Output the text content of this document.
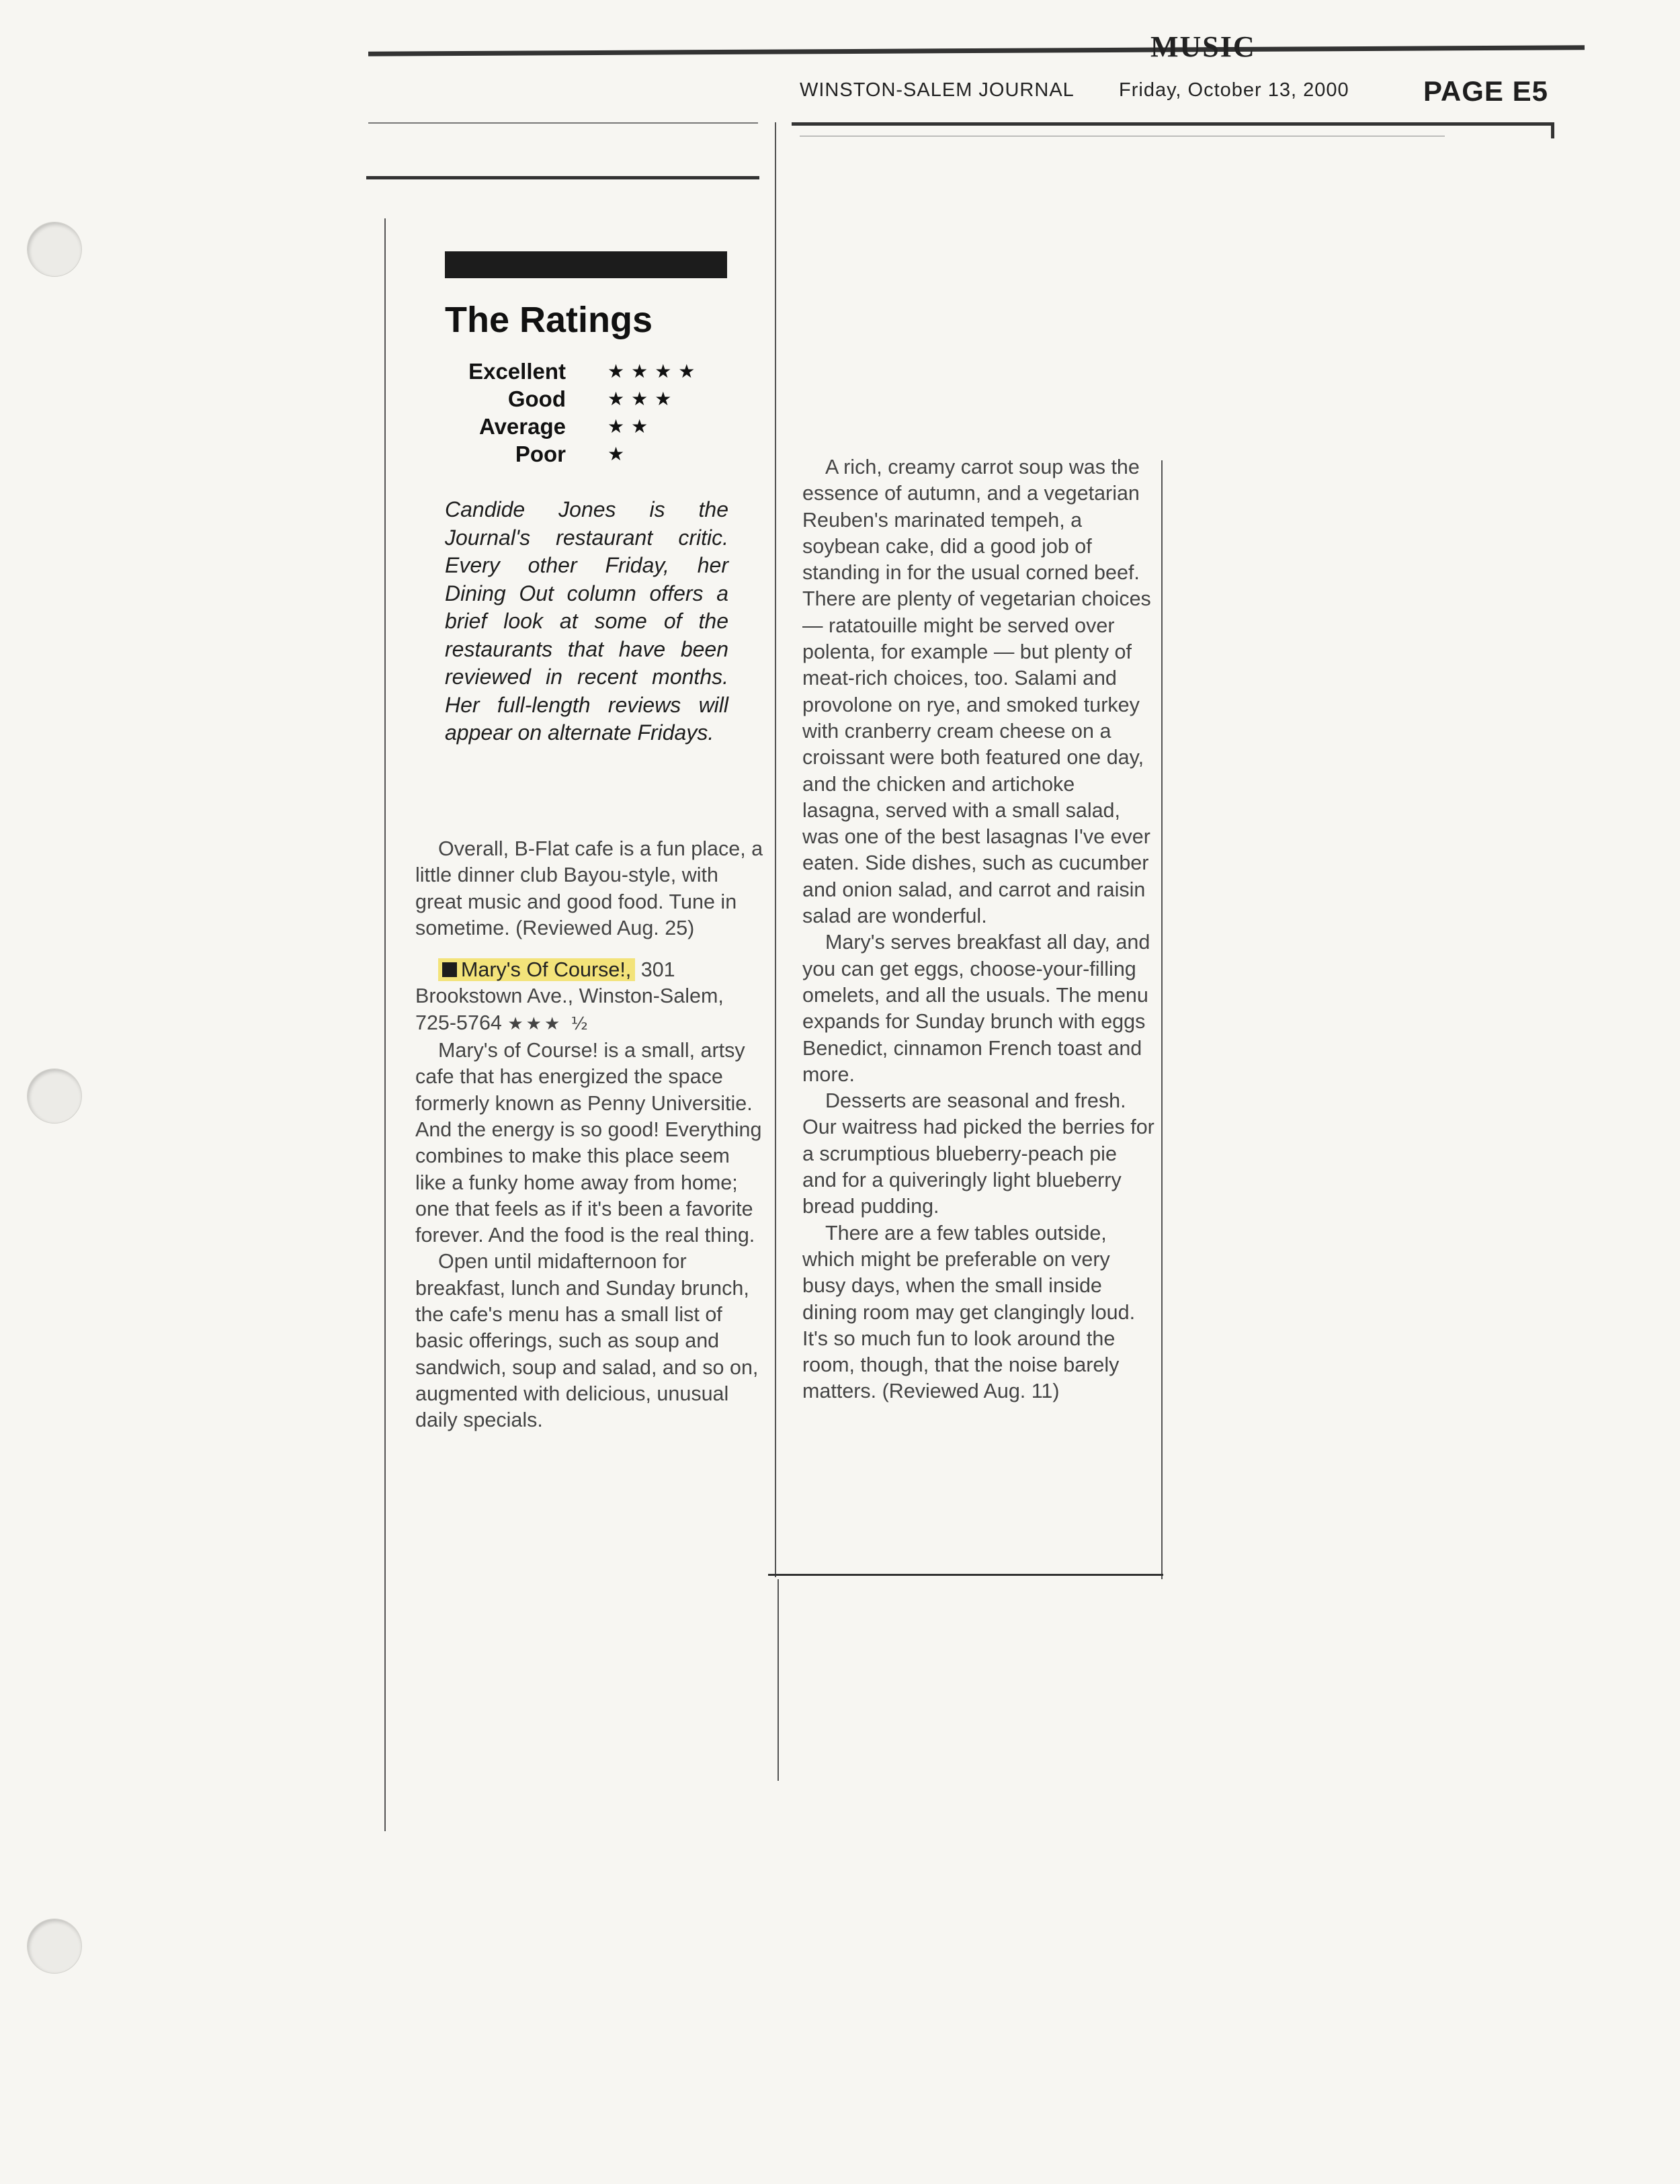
MUSIC
WINSTON-SALEM JOURNAL Friday, October 13, 2000	PAGE E5
The Ratings
Excellent ★★★★
Good ★★★
Average ★★
Poor ★
Candide Jones is the Journal's restaurant critic. Every other Friday, her Dining Out column offers a brief look at some of the restaurants that have been reviewed in recent months. Her full-length reviews will appear on alternate Fridays.

Overall, B-Flat cafe is a fun place, a little dinner club Bayou-style, with great music and good food. Tune in sometime. (Reviewed Aug. 25)

Mary's Of Course!, 301 Brookstown Ave., Winston-Salem, 725-5764 ★★★ ½

Mary's of Course! is a small, artsy cafe that has energized the space formerly known as Penny Universitie. And the energy is so good! Everything combines to make this place seem like a funky home away from home; one that feels as if it's been a favorite forever. And the food is the real thing.

Open until midafternoon for breakfast, lunch and Sunday brunch, the cafe's menu has a small list of basic offerings, such as soup and sandwich, soup and salad, and so on, augmented with delicious, unusual daily specials.

A rich, creamy carrot soup was the essence of autumn, and a vegetarian Reuben's marinated tempeh, a soybean cake, did a good job of standing in for the usual corned beef. There are plenty of vegetarian choices — ratatouille might be served over polenta, for example — but plenty of meat-rich choices, too. Salami and provolone on rye, and smoked turkey with cranberry cream cheese on a croissant were both featured one day, and the chicken and artichoke lasagna, served with a small salad, was one of the best lasagnas I've ever eaten. Side dishes, such as cucumber and onion salad, and carrot and raisin salad are wonderful.

Mary's serves breakfast all day, and you can get eggs, choose-your-filling omelets, and all the usuals. The menu expands for Sunday brunch with eggs Benedict, cinnamon French toast and more.

Desserts are seasonal and fresh. Our waitress had picked the berries for a scrumptious blueberry-peach pie and for a quiveringly light blueberry bread pudding.

There are a few tables outside, which might be preferable on very busy days, when the small inside dining room may get clangingly loud. It's so much fun to look around the room, though, that the noise barely matters. (Reviewed Aug. 11)
